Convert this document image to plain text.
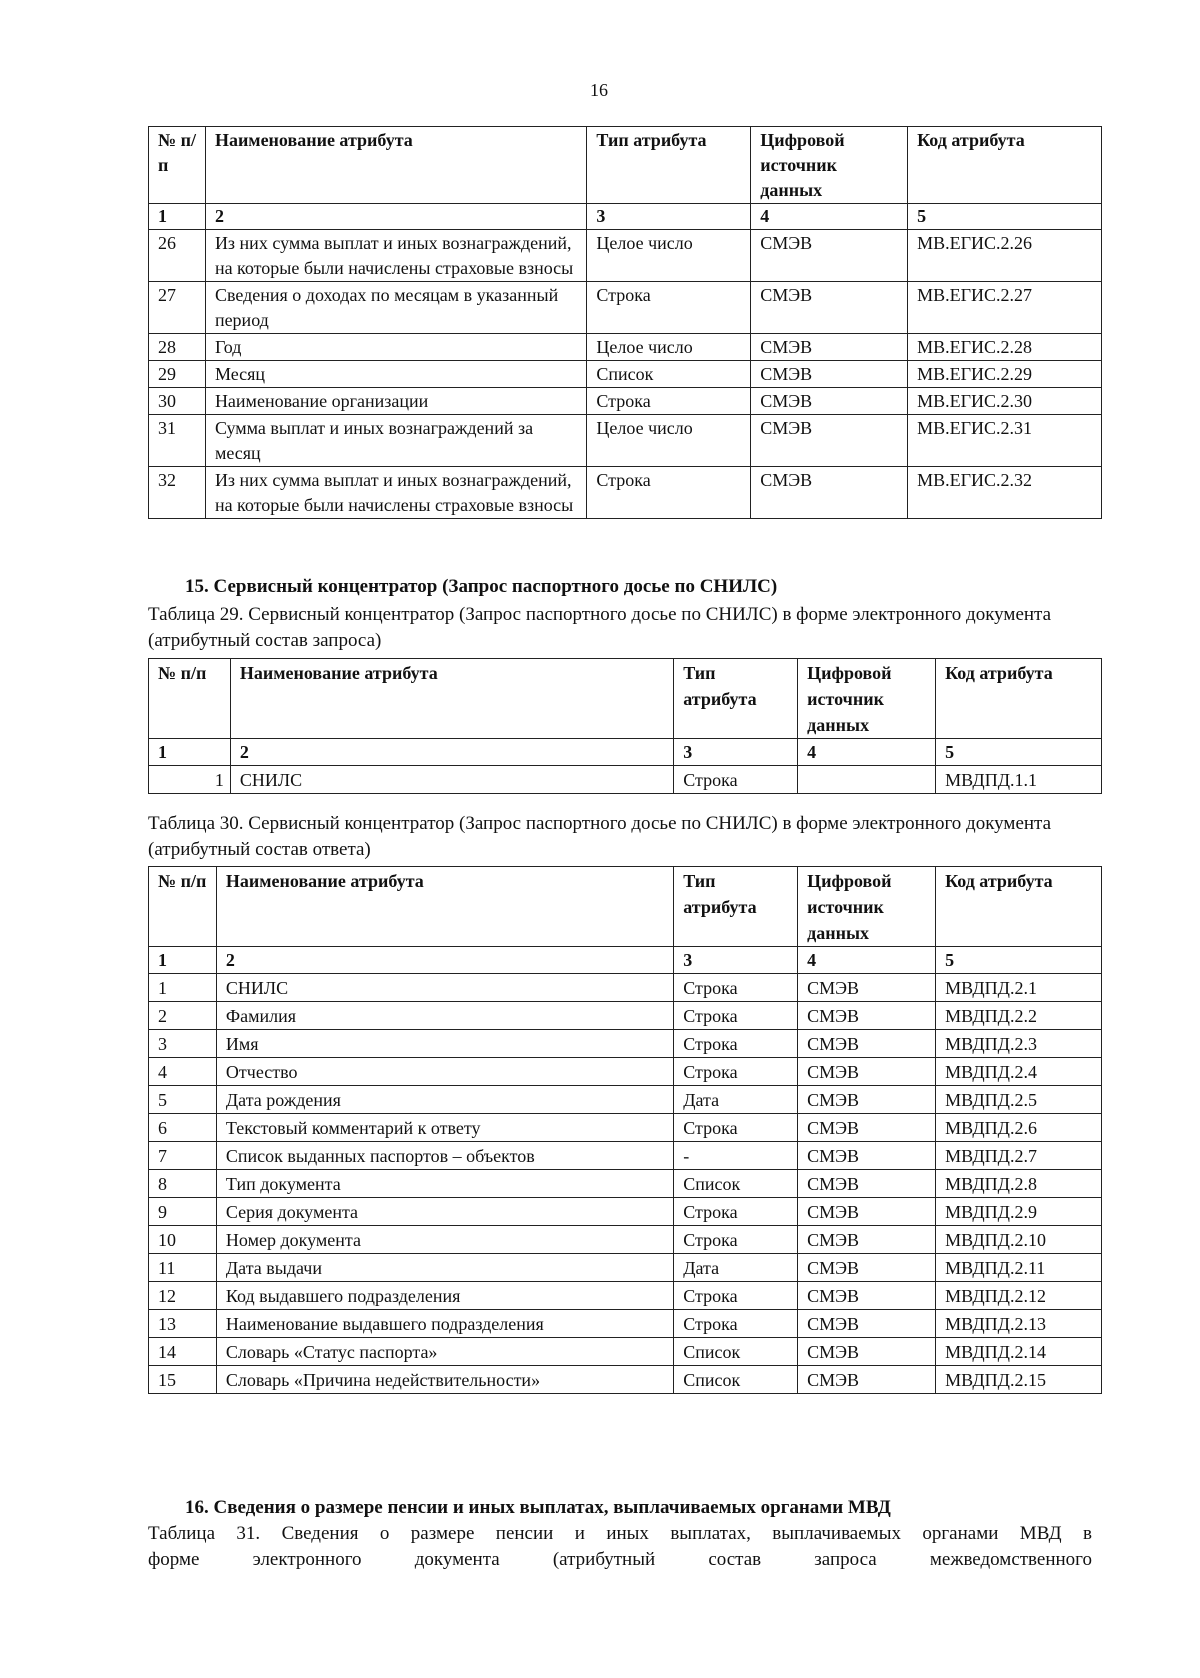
16
№ п/п	Наименование атрибута	Тип атрибута	Цифровой источник данных	Код атрибута
1	2	3	4	5
26	Из них сумма выплат и иных вознаграждений, на которые были начислены страховые взносы	Целое число	СМЭВ	МВ.ЕГИС.2.26
27	Сведения о доходах по месяцам в указанный период	Строка	СМЭВ	МВ.ЕГИС.2.27
28	Год	Целое число	СМЭВ	МВ.ЕГИС.2.28
29	Месяц	Список	СМЭВ	МВ.ЕГИС.2.29
30	Наименование организации	Строка	СМЭВ	МВ.ЕГИС.2.30
31	Сумма выплат и иных вознаграждений за месяц	Целое число	СМЭВ	МВ.ЕГИС.2.31
32	Из них сумма выплат и иных вознаграждений, на которые были начислены страховые взносы	Строка	СМЭВ	МВ.ЕГИС.2.32
15. Сервисный концентратор (Запрос паспортного досье по СНИЛС)
Таблица 29. Сервисный концентратор (Запрос паспортного досье по СНИЛС) в форме электронного документа (атрибутный состав запроса)
№ п/п	Наименование атрибута	Тип атрибута	Цифровой источник данных	Код атрибута
1	2	3	4	5
1	СНИЛС	Строка		МВДПД.1.1
Таблица 30. Сервисный концентратор (Запрос паспортного досье по СНИЛС) в форме электронного документа (атрибутный состав ответа)
№ п/п	Наименование атрибута	Тип атрибута	Цифровой источник данных	Код атрибута
1	2	3	4	5
1	СНИЛС	Строка	СМЭВ	МВДПД.2.1
2	Фамилия	Строка	СМЭВ	МВДПД.2.2
3	Имя	Строка	СМЭВ	МВДПД.2.3
4	Отчество	Строка	СМЭВ	МВДПД.2.4
5	Дата рождения	Дата	СМЭВ	МВДПД.2.5
6	Текстовый комментарий к ответу	Строка	СМЭВ	МВДПД.2.6
7	Список выданных паспортов – объектов	-	СМЭВ	МВДПД.2.7
8	Тип документа	Список	СМЭВ	МВДПД.2.8
9	Серия документа	Строка	СМЭВ	МВДПД.2.9
10	Номер документа	Строка	СМЭВ	МВДПД.2.10
11	Дата выдачи	Дата	СМЭВ	МВДПД.2.11
12	Код выдавшего подразделения	Строка	СМЭВ	МВДПД.2.12
13	Наименование выдавшего подразделения	Строка	СМЭВ	МВДПД.2.13
14	Словарь «Статус паспорта»	Список	СМЭВ	МВДПД.2.14
15	Словарь «Причина недействительности»	Список	СМЭВ	МВДПД.2.15
16. Сведения о размере пенсии и иных выплатах, выплачиваемых органами МВД
Таблица 31. Сведения о размере пенсии и иных выплатах, выплачиваемых органами МВД в
форме электронного документа (атрибутный состав запроса межведомственного
